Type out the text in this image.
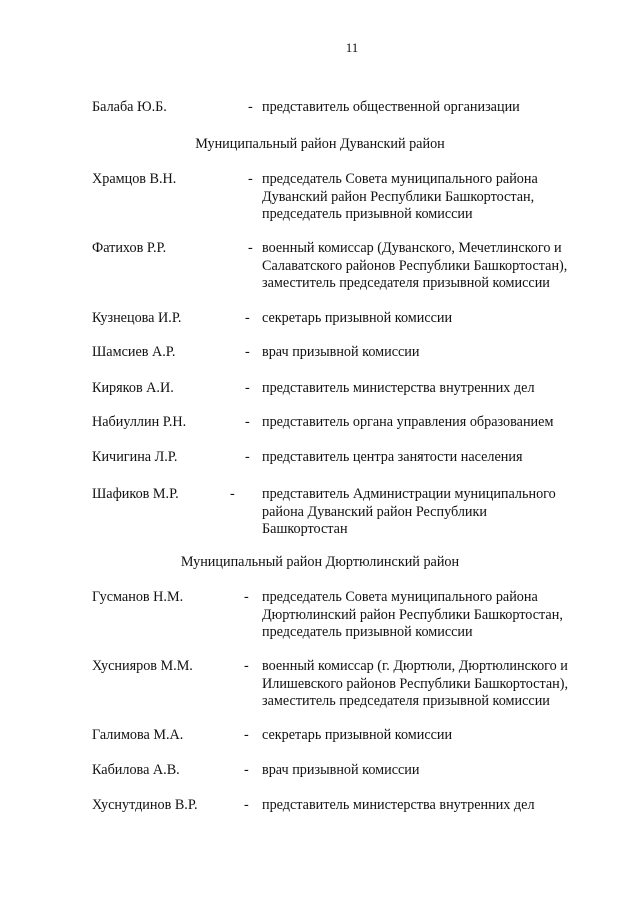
11
Балаба Ю.Б.	- представитель общественной организации
Муниципальный район Дуванский район
Храмцов В.Н.	- председатель Совета муниципального района
Дуванский район Республики Башкортостан,
председатель призывной комиссии
Фатихов Р.Р.	- военный комиссар (Дуванского, Мечетлинского и
Салаватского районов Республики Башкортостан),
заместитель председателя призывной комиссии
Кузнецова И.Р.	- секретарь призывной комиссии
Шамсиев А.Р.	- врач призывной комиссии
Киряков А.И.	- представитель министерства внутренних дел
Набиуллин Р.Н.	- представитель органа управления образованием
Кичигина Л.Р.	- представитель центра занятости населения
Шафиков М.Р.	- представитель Администрации муниципального
района Дуванский район Республики
Башкортостан
Муниципальный район Дюртюлинский район
Гусманов Н.М.	- председатель Совета муниципального района
Дюртюлинский район Республики Башкортостан,
председатель призывной комиссии
Хуснияров М.М.	- военный комиссар (г. Дюртюли, Дюртюлинского и
Илишевского районов Республики Башкортостан),
заместитель председателя призывной комиссии
Галимова М.А.	- секретарь призывной комиссии
Кабилова А.В.	- врач призывной комиссии
Хуснутдинов В.Р.	- представитель министерства внутренних дел
